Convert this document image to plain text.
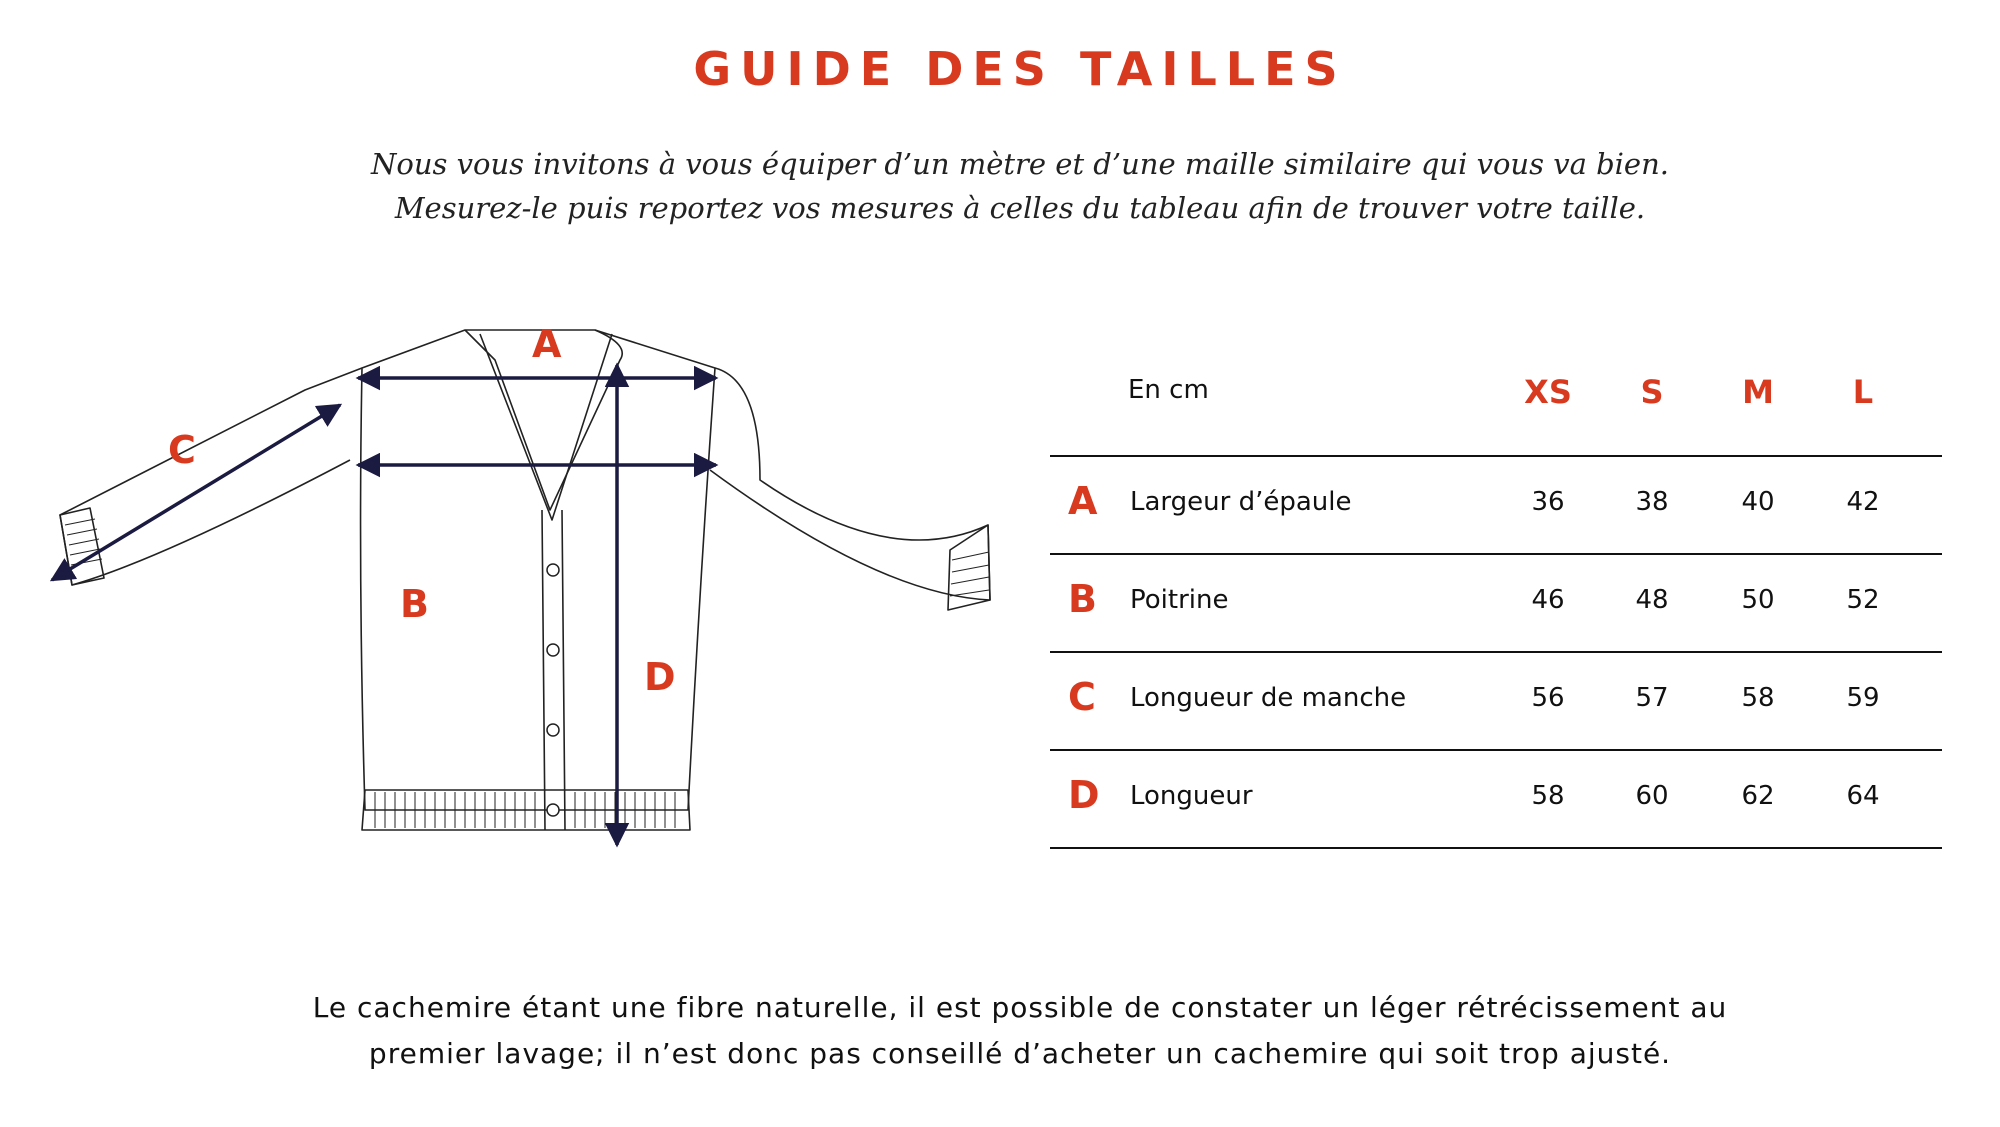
GUIDE DES TAILLES
Nous vous invitons à vous équiper d’un mètre et d’une maille similaire qui vous va bien.
Mesurez-le puis reportez vos mesures à celles du tableau afin de trouver votre taille.
A
B
C
D
En cm	XS	S	M	L
A Largeur d’épaule	36	38	40	42
B Poitrine	46	48	50	52
C Longueur de manche	56	57	58	59
D Longueur	58	60	62	64
Le cachemire étant une fibre naturelle, il est possible de constater un léger rétrécissement au
premier lavage; il n’est donc pas conseillé d’acheter un cachemire qui soit trop ajusté.
